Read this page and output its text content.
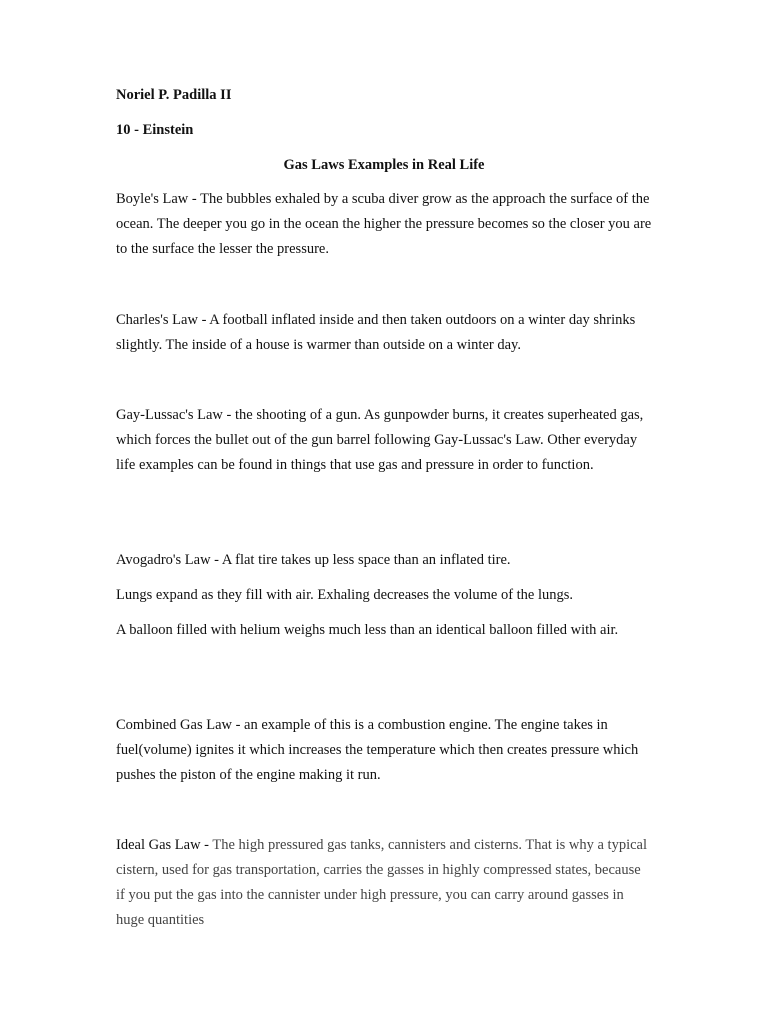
Noriel P. Padilla II

10 - Einstein

Gas Laws Examples in Real Life

Boyle's Law - The bubbles exhaled by a scuba diver grow as the approach the surface of the ocean. The deeper you go in the ocean the higher the pressure becomes so the closer you are to the surface the lesser the pressure.

Charles's Law - A football inflated inside and then taken outdoors on a winter day shrinks slightly. The inside of a house is warmer than outside on a winter day.

Gay-Lussac's Law - the shooting of a gun. As gunpowder burns, it creates superheated gas, which forces the bullet out of the gun barrel following Gay-Lussac's Law. Other everyday life examples can be found in things that use gas and pressure in order to function.

Avogadro's Law - A flat tire takes up less space than an inflated tire.

Lungs expand as they fill with air. Exhaling decreases the volume of the lungs.

A balloon filled with helium weighs much less than an identical balloon filled with air.

Combined Gas Law - an example of this is a combustion engine. The engine takes in fuel(volume) ignites it which increases the temperature which then creates pressure which pushes the piston of the engine making it run.

Ideal Gas Law - The high pressured gas tanks, cannisters and cisterns. That is why a typical cistern, used for gas transportation, carries the gasses in highly compressed states, because if you put the gas into the cannister under high pressure, you can carry around gasses in huge quantities
